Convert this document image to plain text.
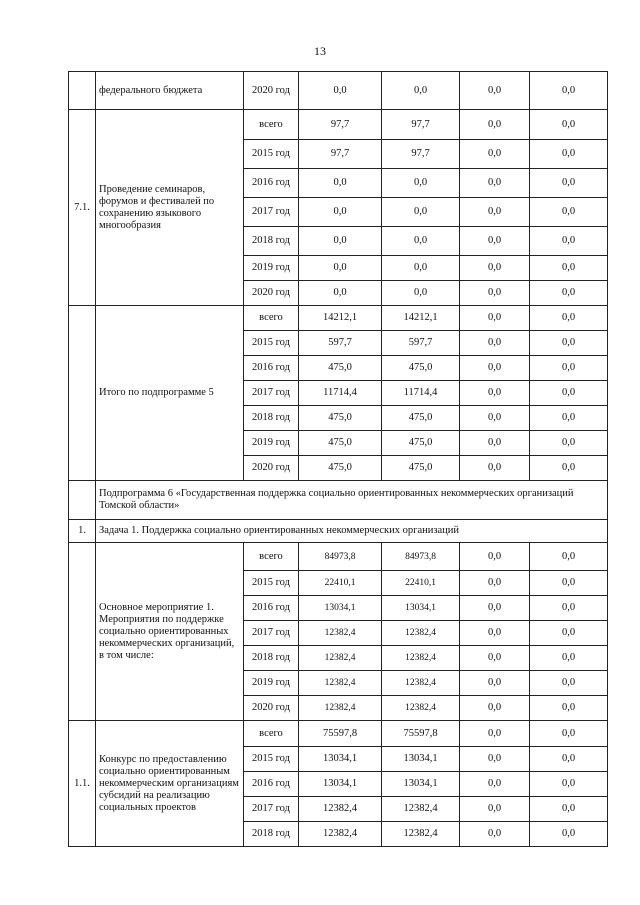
13
	федерального бюджета	2020 год	0,0	0,0	0,0	0,0
7.1.	Проведение семинаров, форумов и фестивалей по сохранению языкового многообразия	всего	97,7	97,7	0,0	0,0
		2015 год	97,7	97,7	0,0	0,0
		2016 год	0,0	0,0	0,0	0,0
		2017 год	0,0	0,0	0,0	0,0
		2018 год	0,0	0,0	0,0	0,0
		2019 год	0,0	0,0	0,0	0,0
		2020 год	0,0	0,0	0,0	0,0
	Итого по подпрограмме 5	всего	14212,1	14212,1	0,0	0,0
		2015 год	597,7	597,7	0,0	0,0
		2016 год	475,0	475,0	0,0	0,0
		2017 год	11714,4	11714,4	0,0	0,0
		2018 год	475,0	475,0	0,0	0,0
		2019 год	475,0	475,0	0,0	0,0
		2020 год	475,0	475,0	0,0	0,0
	Подпрограмма 6 «Государственная поддержка социально ориентированных некоммерческих организаций Томской области»					
1.	Задача 1. Поддержка социально ориентированных некоммерческих организаций					
	Основное мероприятие 1. Мероприятия по поддержке социально ориентированных некоммерческих организаций, в том числе:	всего	84973,8	84973,8	0,0	0,0
		2015 год	22410,1	22410,1	0,0	0,0
		2016 год	13034,1	13034,1	0,0	0,0
		2017 год	12382,4	12382,4	0,0	0,0
		2018 год	12382,4	12382,4	0,0	0,0
		2019 год	12382,4	12382,4	0,0	0,0
		2020 год	12382,4	12382,4	0,0	0,0
1.1.	Конкурс по предоставлению социально ориентированным некоммерческим организациям субсидий на реализацию социальных проектов	всего	75597,8	75597,8	0,0	0,0
		2015 год	13034,1	13034,1	0,0	0,0
		2016 год	13034,1	13034,1	0,0	0,0
		2017 год	12382,4	12382,4	0,0	0,0
		2018 год	12382,4	12382,4	0,0	0,0
